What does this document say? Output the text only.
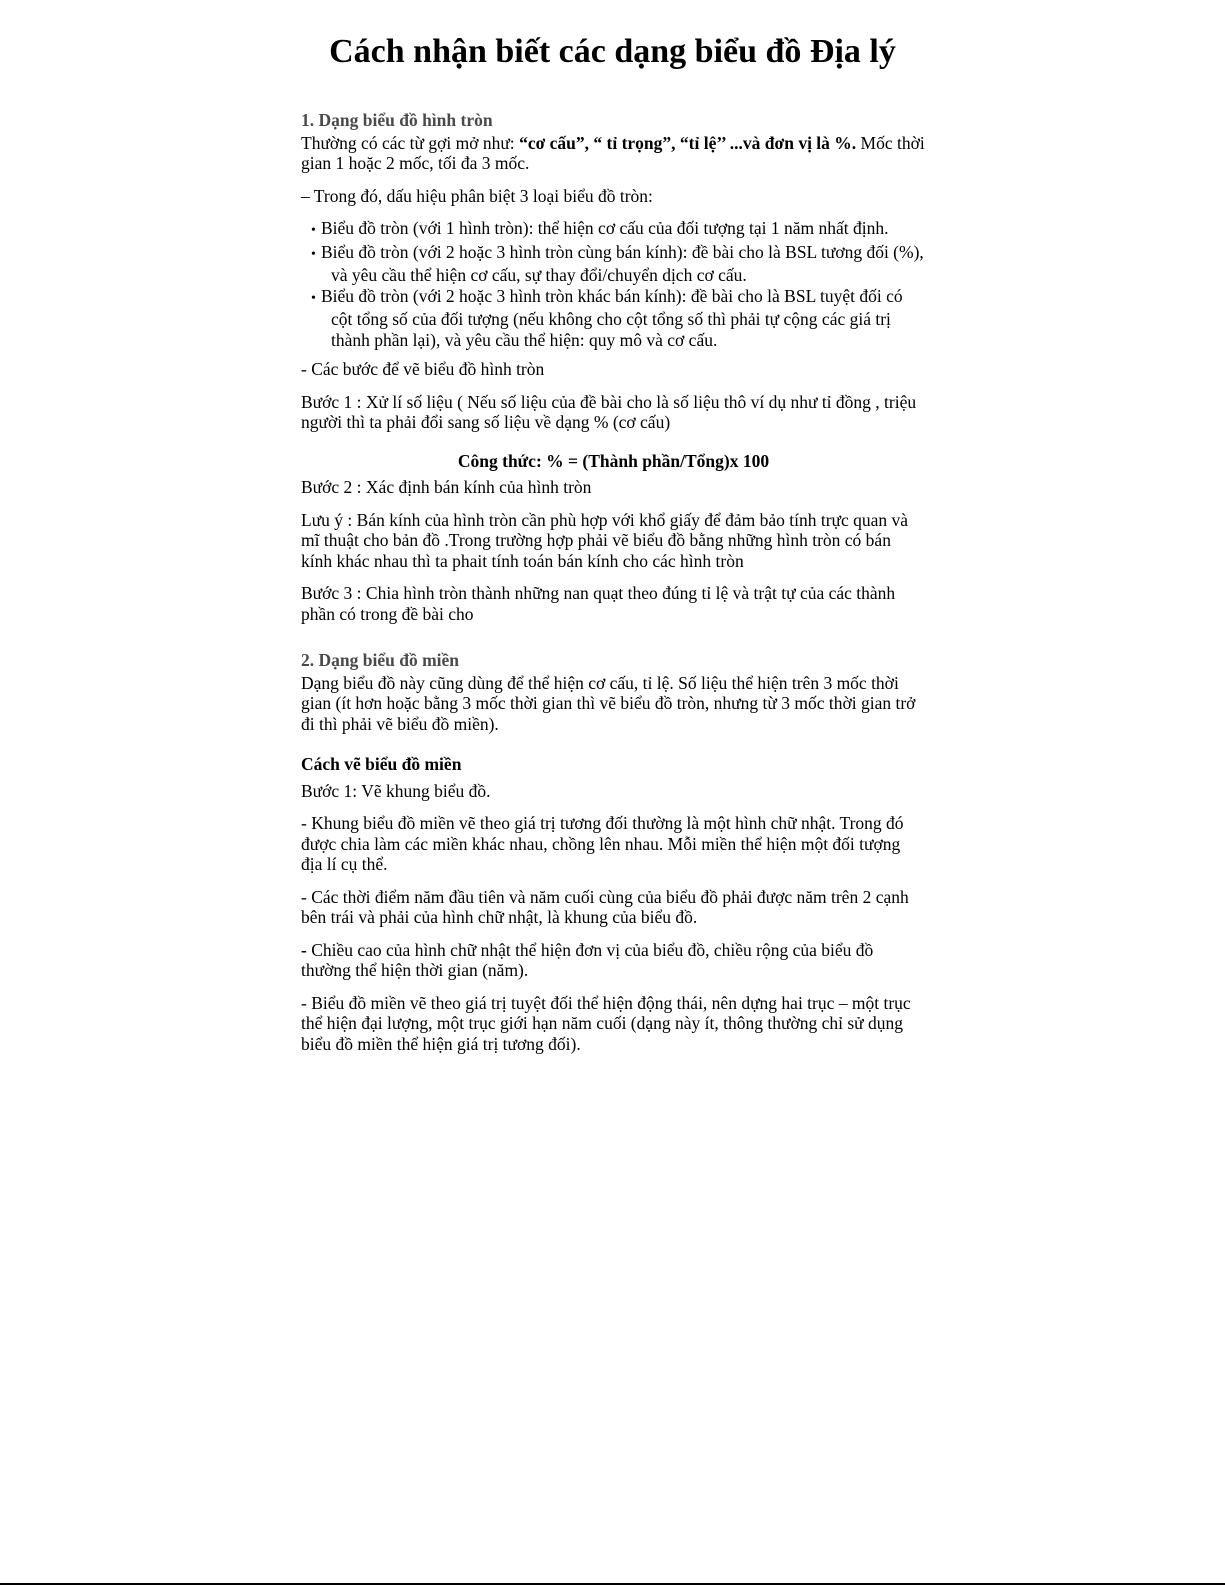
Cách nhận biết các dạng biểu đồ Địa lý

1. Dạng biểu đồ hình tròn

Thường có các từ gợi mở như: “cơ cấu”, “ tỉ trọng”, “tỉ lệ’’ ...và đơn vị là %. Mốc thời gian 1 hoặc 2 mốc, tối đa 3 mốc.

– Trong đó, dấu hiệu phân biệt 3 loại biểu đồ tròn:

• Biểu đồ tròn (với 1 hình tròn): thể hiện cơ cấu của đối tượng tại 1 năm nhất định.
• Biểu đồ tròn (với 2 hoặc 3 hình tròn cùng bán kính): đề bài cho là BSL tương đối (%), và yêu cầu thể hiện cơ cấu, sự thay đổi/chuyển dịch cơ cấu.
• Biểu đồ tròn (với 2 hoặc 3 hình tròn khác bán kính): đề bài cho là BSL tuyệt đối có cột tổng số của đối tượng (nếu không cho cột tổng số thì phải tự cộng các giá trị thành phần lại), và yêu cầu thể hiện: quy mô và cơ cấu.

- Các bước để vẽ biểu đồ hình tròn

Bước 1 : Xử lí số liệu ( Nếu số liệu của đề bài cho là số liệu thô ví dụ như tỉ đồng , triệu người thì ta phải đổi sang số liệu về dạng % (cơ cấu)

Công thức: % = (Thành phần/Tổng)x 100

Bước 2 : Xác định bán kính của hình tròn

Lưu ý : Bán kính của hình tròn cần phù hợp với khổ giấy để đảm bảo tính trực quan và mĩ thuật cho bản đồ .Trong trường hợp phải vẽ biểu đồ bằng những hình tròn có bán kính khác nhau thì ta phait tính toán bán kính cho các hình tròn

Bước 3 : Chia hình tròn thành những nan quạt theo đúng tỉ lệ và trật tự của các thành phần có trong đề bài cho

2. Dạng biểu đồ miền

Dạng biểu đồ này cũng dùng để thể hiện cơ cấu, tỉ lệ. Số liệu thể hiện trên 3 mốc thời gian (ít hơn hoặc bằng 3 mốc thời gian thì vẽ biểu đồ tròn, nhưng từ 3 mốc thời gian trở đi thì phải vẽ biểu đồ miền).

Cách vẽ biểu đồ miền

Bước 1: Vẽ khung biểu đồ.

- Khung biểu đồ miền vẽ theo giá trị tương đối thường là một hình chữ nhật. Trong đó được chia làm các miền khác nhau, chồng lên nhau. Mỗi miền thể hiện một đối tượng địa lí cụ thể.

- Các thời điểm năm đầu tiên và năm cuối cùng của biểu đồ phải được năm trên 2 cạnh bên trái và phải của hình chữ nhật, là khung của biểu đồ.

- Chiều cao của hình chữ nhật thể hiện đơn vị của biểu đồ, chiều rộng của biểu đồ thường thể hiện thời gian (năm).

- Biểu đồ miền vẽ theo giá trị tuyệt đối thể hiện động thái, nên dựng hai trục – một trục thể hiện đại lượng, một trục giới hạn năm cuối (dạng này ít, thông thường chỉ sử dụng biểu đồ miền thể hiện giá trị tương đối).
